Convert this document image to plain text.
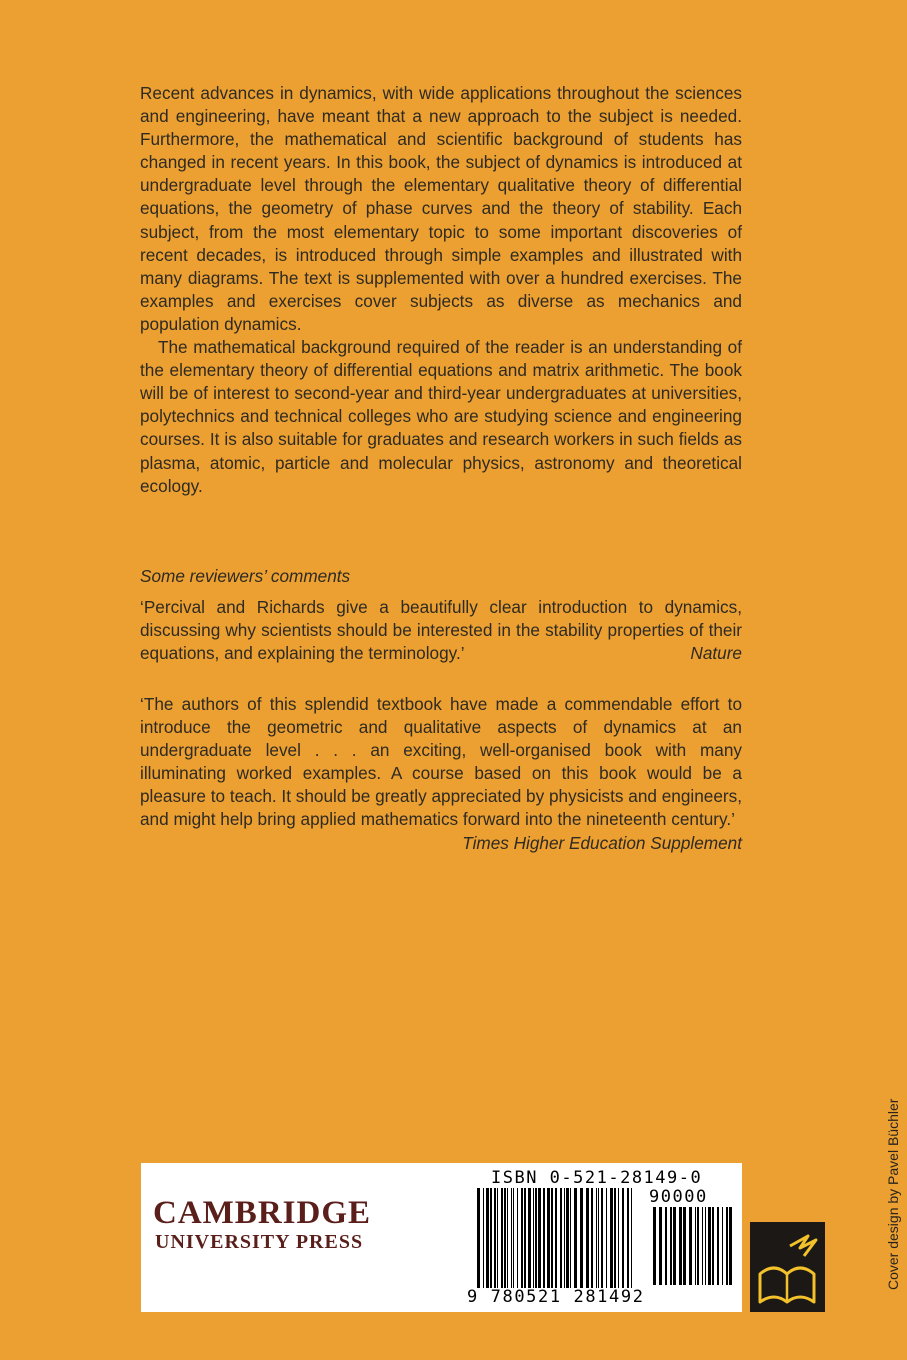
Recent advances in dynamics, with wide applications throughout the sciences and engineering, have meant that a new approach to the subject is needed. Furthermore, the mathematical and scientific background of students has changed in recent years. In this book, the subject of dynamics is introduced at undergraduate level through the elementary qualitative theory of differential equations, the geometry of phase curves and the theory of stability. Each subject, from the most elementary topic to some important discoveries of recent decades, is introduced through simple examples and illustrated with many diagrams. The text is supplemented with over a hundred exercises. The examples and exercises cover subjects as diverse as mechanics and population dynamics.

The mathematical background required of the reader is an understanding of the elementary theory of differential equations and matrix arithmetic. The book will be of interest to second-year and third-year undergraduates at universities, polytechnics and technical colleges who are studying science and engineering courses. It is also suitable for graduates and research workers in such fields as plasma, atomic, particle and molecular physics, astronomy and theoretical ecology.

Some reviewers’ comments

‘Percival and Richards give a beautifully clear introduction to dynamics, discussing why scientists should be interested in the stability properties of their equations, and explaining the terminology.’	Nature

‘The authors of this splendid textbook have made a commendable effort to introduce the geometric and qualitative aspects of dynamics at an undergraduate level . . . an exciting, well-organised book with many illuminating worked examples. A course based on this book would be a pleasure to teach. It should be greatly appreciated by physicists and engineers, and might help bring applied mathematics forward into the nineteenth century.’

Times Higher Education Supplement
CAMBRIDGE
UNIVERSITY PRESS
ISBN 0-521-28149-0
90000
9 780521 281492
Cover design by Pavel Büchler
